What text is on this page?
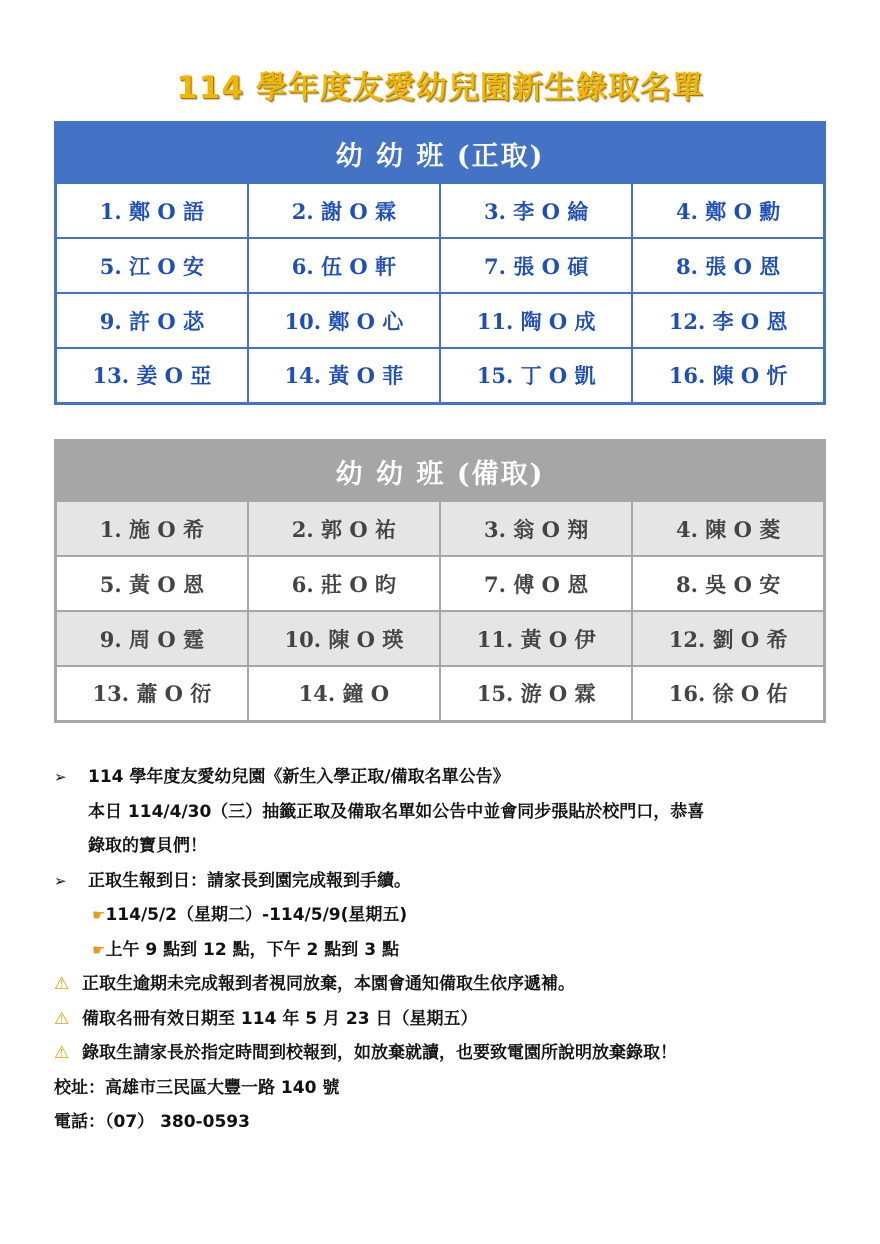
114 學年度友愛幼兒園新生錄取名單
幼 幼 班 (正取)			
1. 鄭 O 語	2. 謝 O 霖	3. 李 O 綸	4. 鄭 O 勳
5. 江 O 安	6. 伍 O 軒	7. 張 O 碩	8. 張 O 恩
9. 許 O 苾	10. 鄭 O 心	11. 陶 O 成	12. 李 O 恩
13. 姜 O 亞	14. 黃 O 菲	15. 丁 O 凱	16. 陳 O 忻
幼 幼 班 (備取)			
1. 施 O 希	2. 郭 O 祐	3. 翁 O 翔	4. 陳 O 菱
5. 黃 O 恩	6. 莊 O 昀	7. 傅 O 恩	8. 吳 O 安
9. 周 O 霆	10. 陳 O 瑛	11. 黃 O 伊	12. 劉 O 希
13. 蕭 O 衍	14. 鐘 O	15. 游 O 霖	16. 徐 O 佑
➢ 114 學年度友愛幼兒園《新生入學正取/備取名單公告》
本日 114/4/30（三）抽籤正取及備取名單如公告中並會同步張貼於校門口，恭喜
錄取的寶貝們！
➢ 正取生報到日：請家長到園完成報到手續。
☛114/5/2（星期二）-114/5/9(星期五)
☛上午 9 點到 12 點，下午 2 點到 3 點
⚠ 正取生逾期未完成報到者視同放棄，本園會通知備取生依序遞補。
⚠ 備取名冊有效日期至 114 年 5 月 23 日（星期五）
⚠ 錄取生請家長於指定時間到校報到，如放棄就讀，也要致電園所說明放棄錄取！
校址：高雄市三民區大豐一路 140 號
電話：（07） 380-0593
